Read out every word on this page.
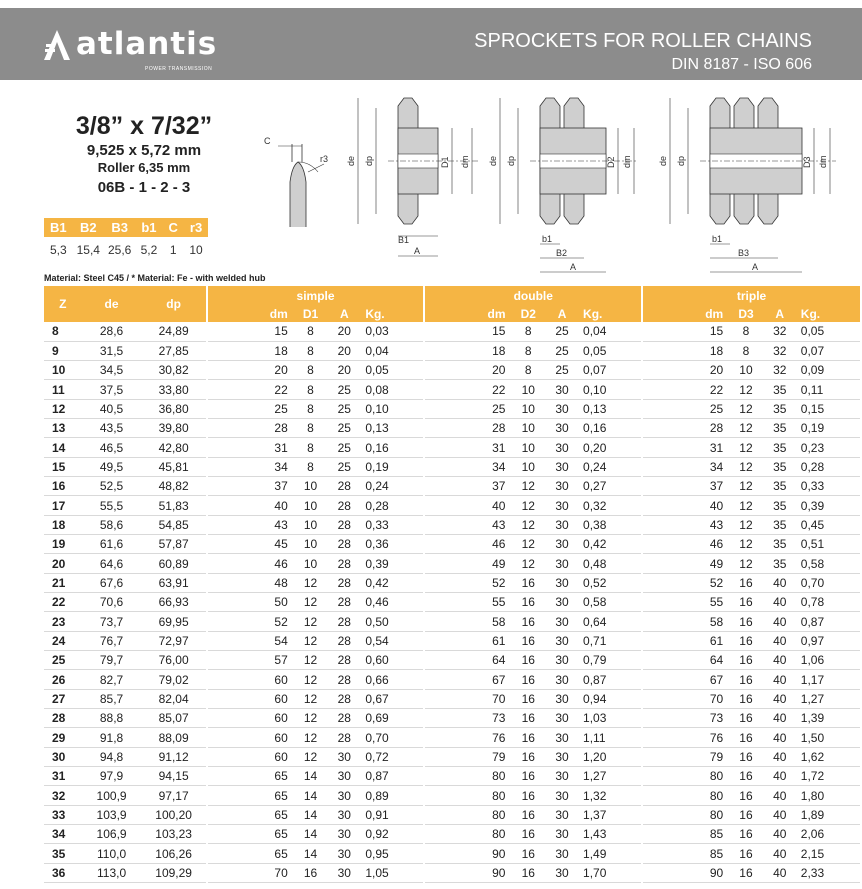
atlantis
POWER TRANSMISSION
SPROCKETS FOR ROLLER CHAINS
DIN 8187 - ISO 606
3/8” x 7/32”
9,525 x 5,72 mm
Roller 6,35 mm
06B - 1 - 2 - 3
B1	B2	B3	b1	C	r3
5,3	15,4	25,6	5,2	1	10
C
r3 de dp	D1 dm
B1
A
de dp	D2 dm
b1
B2
A
de dp	D3 dm
b1
B3
A
Material: Steel C45 / * Material: Fe - with welded hub
Z	de	dp	simple				double				triple			
			dm	D1	A	Kg.	dm	D2	A	Kg.	dm	D3	A	Kg.
8	28,6	24,89	15	8	20	0,03	15	8	25	0,04	15	8	32	0,05
9	31,5	27,85	18	8	20	0,04	18	8	25	0,05	18	8	32	0,07
10	34,5	30,82	20	8	20	0,05	20	8	25	0,07	20	10	32	0,09
11	37,5	33,80	22	8	25	0,08	22	10	30	0,10	22	12	35	0,11
12	40,5	36,80	25	8	25	0,10	25	10	30	0,13	25	12	35	0,15
13	43,5	39,80	28	8	25	0,13	28	10	30	0,16	28	12	35	0,19
14	46,5	42,80	31	8	25	0,16	31	10	30	0,20	31	12	35	0,23
15	49,5	45,81	34	8	25	0,19	34	10	30	0,24	34	12	35	0,28
16	52,5	48,82	37	10	28	0,24	37	12	30	0,27	37	12	35	0,33
17	55,5	51,83	40	10	28	0,28	40	12	30	0,32	40	12	35	0,39
18	58,6	54,85	43	10	28	0,33	43	12	30	0,38	43	12	35	0,45
19	61,6	57,87	45	10	28	0,36	46	12	30	0,42	46	12	35	0,51
20	64,6	60,89	46	10	28	0,39	49	12	30	0,48	49	12	35	0,58
21	67,6	63,91	48	12	28	0,42	52	16	30	0,52	52	16	40	0,70
22	70,6	66,93	50	12	28	0,46	55	16	30	0,58	55	16	40	0,78
23	73,7	69,95	52	12	28	0,50	58	16	30	0,64	58	16	40	0,87
24	76,7	72,97	54	12	28	0,54	61	16	30	0,71	61	16	40	0,97
25	79,7	76,00	57	12	28	0,60	64	16	30	0,79	64	16	40	1,06
26	82,7	79,02	60	12	28	0,66	67	16	30	0,87	67	16	40	1,17
27	85,7	82,04	60	12	28	0,67	70	16	30	0,94	70	16	40	1,27
28	88,8	85,07	60	12	28	0,69	73	16	30	1,03	73	16	40	1,39
29	91,8	88,09	60	12	28	0,70	76	16	30	1,11	76	16	40	1,50
30	94,8	91,12	60	12	30	0,72	79	16	30	1,20	79	16	40	1,62
31	97,9	94,15	65	14	30	0,87	80	16	30	1,27	80	16	40	1,72
32	100,9	97,17	65	14	30	0,89	80	16	30	1,32	80	16	40	1,80
33	103,9	100,20	65	14	30	0,91	80	16	30	1,37	80	16	40	1,89
34	106,9	103,23	65	14	30	0,92	80	16	30	1,43	85	16	40	2,06
35	110,0	106,26	65	14	30	0,95	90	16	30	1,49	85	16	40	2,15
36	113,0	109,29	70	16	30	1,05	90	16	30	1,70	90	16	40	2,33
